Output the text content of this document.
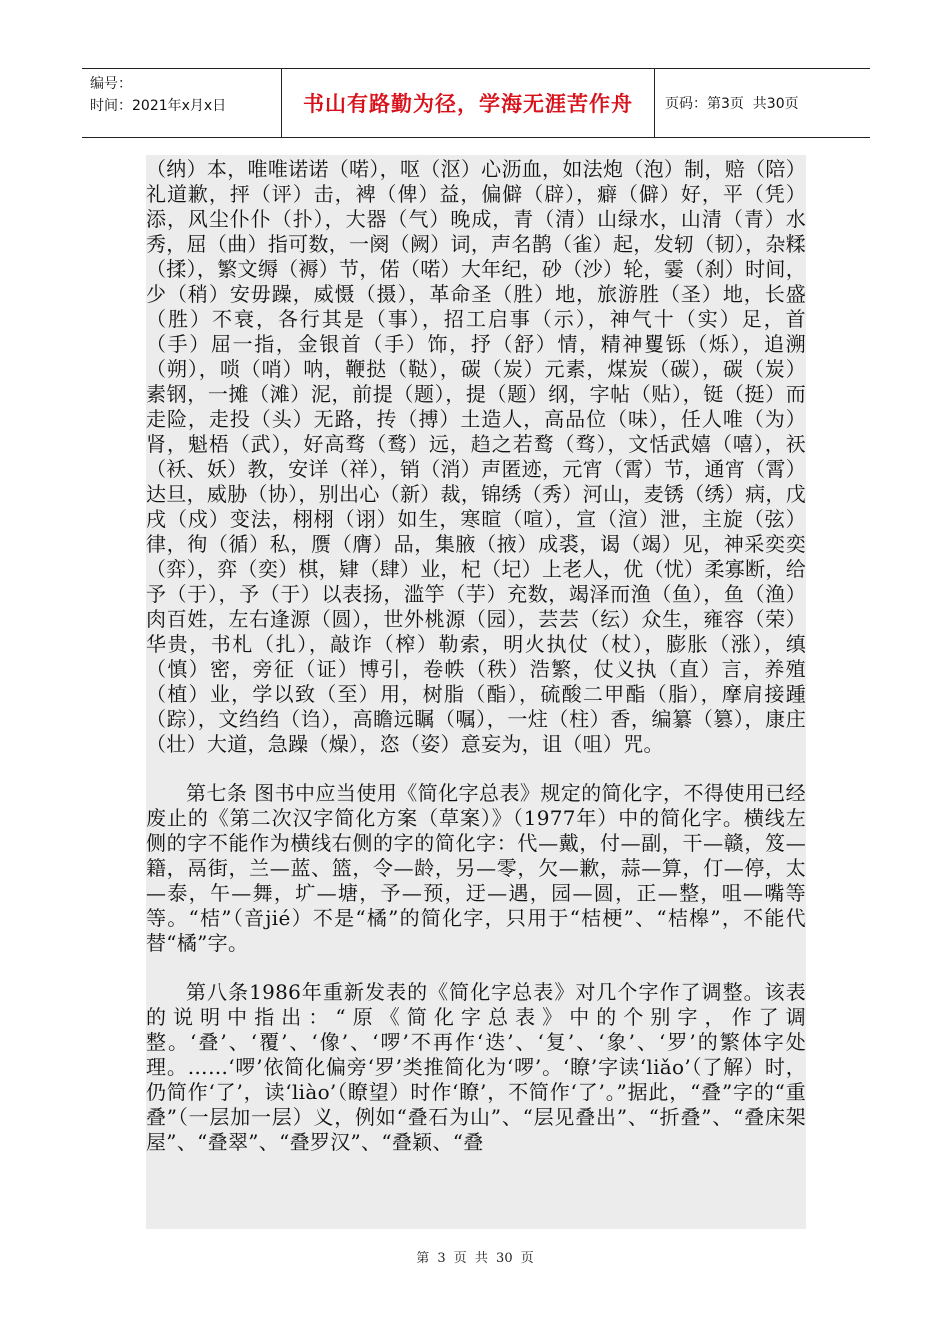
编号：
时间：2021年x月x日	书山有路勤为径，学海无涯苦作舟 页码：第3页  共30页

（纳）本，唯唯诺诺（喏），呕（沤）心沥血，如法炮（泡）制，赔（陪）礼道歉，抨（评）击，裨（俾）益，偏僻（辟），癖（僻）好，平（凭）添，风尘仆仆（扑），大器（气）晚成，青（清）山绿水，山清（青）水秀，屈（曲）指可数，一阕（阙）词，声名鹊（雀）起，发轫（韧），杂糅（揉），繁文缛（褥）节，偌（喏）大年纪，砂（沙）轮，霎（刹）时间，少（稍）安毋躁，威慑（摄），革命圣（胜）地，旅游胜（圣）地，长盛（胜）不衰，各行其是（事），招工启事（示），神气十（实）足，首（手）屈一指，金银首（手）饰，抒（舒）情，精神矍铄（烁），追溯（朔），唢（哨）呐，鞭挞（鞑），碳（炭）元素，煤炭（碳），碳（炭）素钢，一摊（滩）泥，前提（题），提（题）纲，字帖（贴），铤（挺）而走险，走投（头）无路，抟（搏）土造人，高品位（味），任人唯（为）肾，魁梧（武），好高骛（鹜）远，趋之若鹜（骛），文恬武嬉（嘻），祆（袄、妖）教，安详（祥），销（消）声匿迹，元宵（霄）节，通宵（霄）达旦，威胁（协），别出心（新）裁，锦绣（秀）河山，麦锈（绣）病，戊戌（戍）变法，栩栩（诩）如生，寒暄（喧），宣（渲）泄，主旋（弦）律，徇（循）私，赝（膺）品，集腋（掖）成裘，谒（竭）见，神采奕奕（弈），弈（奕）棋，肄（肆）业，杞（圮）上老人，优（忧）柔寡断，给予（于），予（于）以表扬，滥竽（芋）充数，竭泽而渔（鱼），鱼（渔）肉百姓，左右逢源（圆），世外桃源（园），芸芸（纭）众生，雍容（荣）华贵，书札（扎），敲诈（榨）勒索，明火执仗（杖），膨胀（涨），缜（慎）密，旁征（证）博引，卷帙（秩）浩繁，仗义执（直）言，养殖（植）业，学以致（至）用，树脂（酯），硫酸二甲酯（脂），摩肩接踵（踪），文绉绉（诌），高瞻远瞩（嘱），一炷（柱）香，编纂（篡），康庄（壮）大道，急躁（燥），恣（姿）意妄为，诅（咀）咒。

第七条 图书中应当使用《简化字总表》规定的简化字，不得使用已经废止的《第二次汉字简化方案（草案）》（1977年）中的简化字。横线左侧的字不能作为横线右侧的字的简化字：代—戴，付—副，干—赣，笈—籍，鬲街，兰—蓝、篮，令—龄，另—零，欠—歉，蒜—算，仃—停，太—泰，午—舞，圹—塘，予—预，迂—遇，园—圆，正—整，咀—嘴等等。“桔”（音jié）不是“橘”的简化字，只用于“桔梗”、“桔槔”，不能代替“橘”字。

第八条1986年重新发表的《简化字总表》对几个字作了调整。该表的说明中指出：“原《简化字总表》中的个别字，作了调整。‘叠’、‘覆’、‘像’、‘啰’不再作‘迭’、‘复’、‘象’、‘罗’的繁体字处理。……‘啰’依简化偏旁‘罗’类推简化为‘啰’。‘瞭’字读‘liǎo’（了解）时，仍简作‘了’，读‘liào’（瞭望）时作‘瞭’，不简作‘了’。”据此，“叠”字的“重叠”（一层加一层）义，例如“叠石为山”、“层见叠出”、“折叠”、“叠床架屋”、“叠翠”、“叠罗汉”、“叠颖、“叠

第 3 页 共 30 页
